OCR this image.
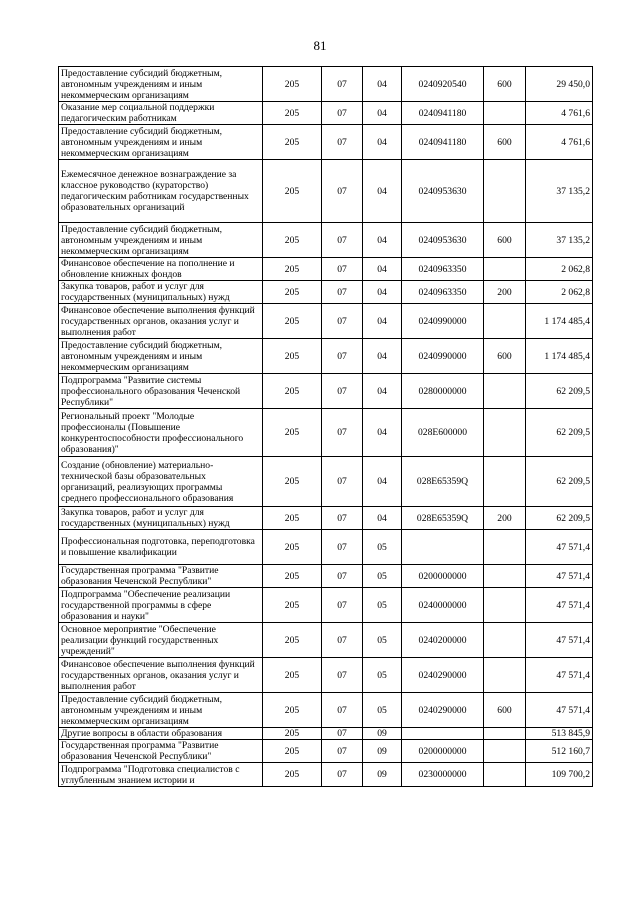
81
Предоставление субсидий бюджетным, автономным учреждениям и иным некоммерческим организациям	205	07	04	0240920540	600	29 450,0
Оказание мер социальной поддержки педагогическим работникам	205	07	04	0240941180		4 761,6
Предоставление субсидий бюджетным, автономным учреждениям и иным некоммерческим организациям	205	07	04	0240941180	600	4 761,6
Ежемесячное денежное вознаграждение за классное руководство (кураторство) педагогическим работникам государственных образовательных организаций	205	07	04	0240953630		37 135,2
Предоставление субсидий бюджетным, автономным учреждениям и иным некоммерческим организациям	205	07	04	0240953630	600	37 135,2
Финансовое обеспечение на пополнение и обновление книжных фондов	205	07	04	0240963350		2 062,8
Закупка товаров, работ и услуг для государственных (муниципальных) нужд	205	07	04	0240963350	200	2 062,8
Финансовое обеспечение выполнения функций государственных органов, оказания услуг и выполнения работ	205	07	04	0240990000		1 174 485,4
Предоставление субсидий бюджетным, автономным учреждениям и иным некоммерческим организациям	205	07	04	0240990000	600	1 174 485,4
Подпрограмма "Развитие системы профессионального образования Чеченской Республики"	205	07	04	0280000000		62 209,5
Региональный проект "Молодые профессионалы (Повышение конкурентоспособности профессионального образования)"	205	07	04	028E600000		62 209,5
Создание (обновление) материально-технической базы образовательных организаций, реализующих программы среднего профессионального образования	205	07	04	028E65359Q		62 209,5
Закупка товаров, работ и услуг для государственных (муниципальных) нужд	205	07	04	028E65359Q	200	62 209,5
Профессиональная подготовка, переподготовка и повышение квалификации	205	07	05			47 571,4
Государственная программа "Развитие образования Чеченской Республики"	205	07	05	0200000000		47 571,4
Подпрограмма "Обеспечение реализации государственной программы в сфере образования и науки"	205	07	05	0240000000		47 571,4
Основное мероприятие "Обеспечение реализации функций государственных учреждений"	205	07	05	0240200000		47 571,4
Финансовое обеспечение выполнения функций государственных органов, оказания услуг и выполнения работ	205	07	05	0240290000		47 571,4
Предоставление субсидий бюджетным, автономным учреждениям и иным некоммерческим организациям	205	07	05	0240290000	600	47 571,4
Другие вопросы в области образования	205	07	09			513 845,9
Государственная программа "Развитие образования Чеченской Республики"	205	07	09	0200000000		512 160,7
Подпрограмма "Подготовка специалистов с углубленным знанием истории и	205	07	09	0230000000		109 700,2
